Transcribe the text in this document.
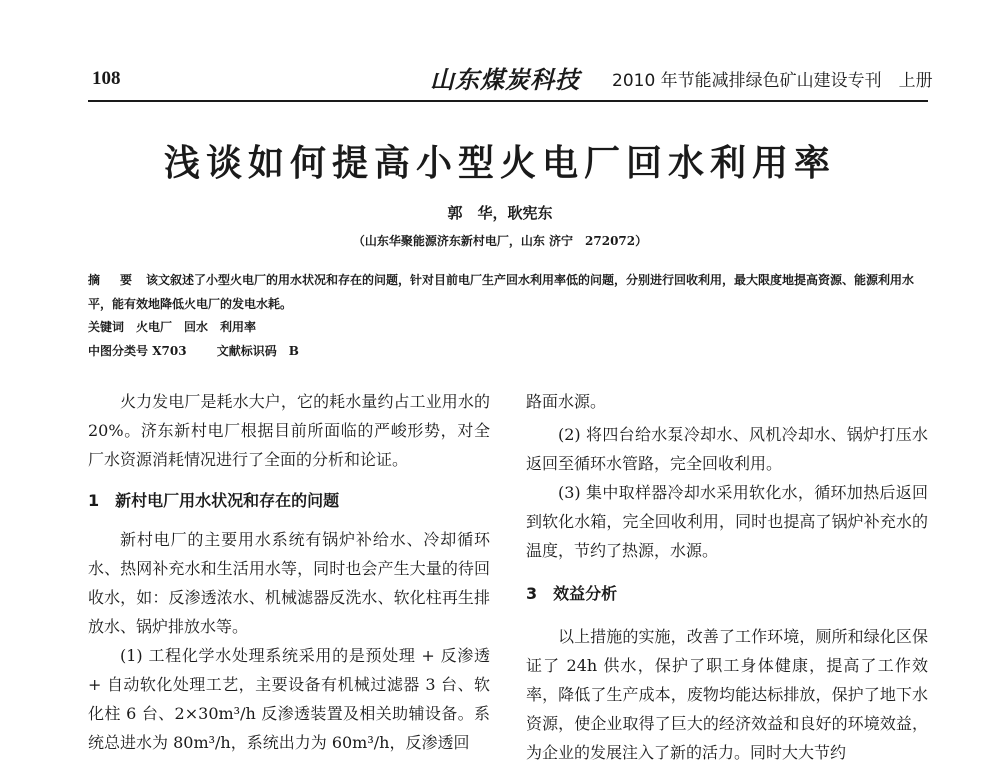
108	山东煤炭科技 2010 年节能减排绿色矿山建设专刊　上册
浅谈如何提高小型火电厂回水利用率
郭　华，耿宪东
（山东华聚能源济东新村电厂，山东 济宁　272072）
摘　要 该文叙述了小型火电厂的用水状况和存在的问题，针对目前电厂生产回水利用率低的问题，分别进行回收利用，最大限度地提高资源、能源利用水平，能有效地降低火电厂的发电水耗。
关键词 火电厂　回水　利用率
中图分类号 X703	文献标识码 B

火力发电厂是耗水大户，它的耗水量约占工业用水的 20%。济东新村电厂根据目前所面临的严峻形势，对全厂水资源消耗情况进行了全面的分析和论证。

1　新村电厂用水状况和存在的问题

新村电厂的主要用水系统有锅炉补给水、冷却循环水、热网补充水和生活用水等，同时也会产生大量的待回收水，如：反渗透浓水、机械滤器反洗水、软化柱再生排放水、锅炉排放水等。

(1) 工程化学水处理系统采用的是预处理 + 反渗透 + 自动软化处理工艺，主要设备有机械过滤器 3 台、软化柱 6 台、2×30m³/h 反渗透装置及相关助辅设备。系统总进水为 80m³/h，系统出力为 60m³/h，反渗透回

路面水源。

(2) 将四台给水泵冷却水、风机冷却水、锅炉打压水返回至循环水管路，完全回收利用。

(3) 集中取样器冷却水采用软化水，循环加热后返回到软化水箱，完全回收利用，同时也提高了锅炉补充水的温度，节约了热源，水源。

3　效益分析

以上措施的实施，改善了工作环境，厕所和绿化区保证了 24h 供水，保护了职工身体健康，提高了工作效率，降低了生产成本，废物均能达标排放，保护了地下水资源，使企业取得了巨大的经济效益和良好的环境效益，为企业的发展注入了新的活力。同时大大节约
